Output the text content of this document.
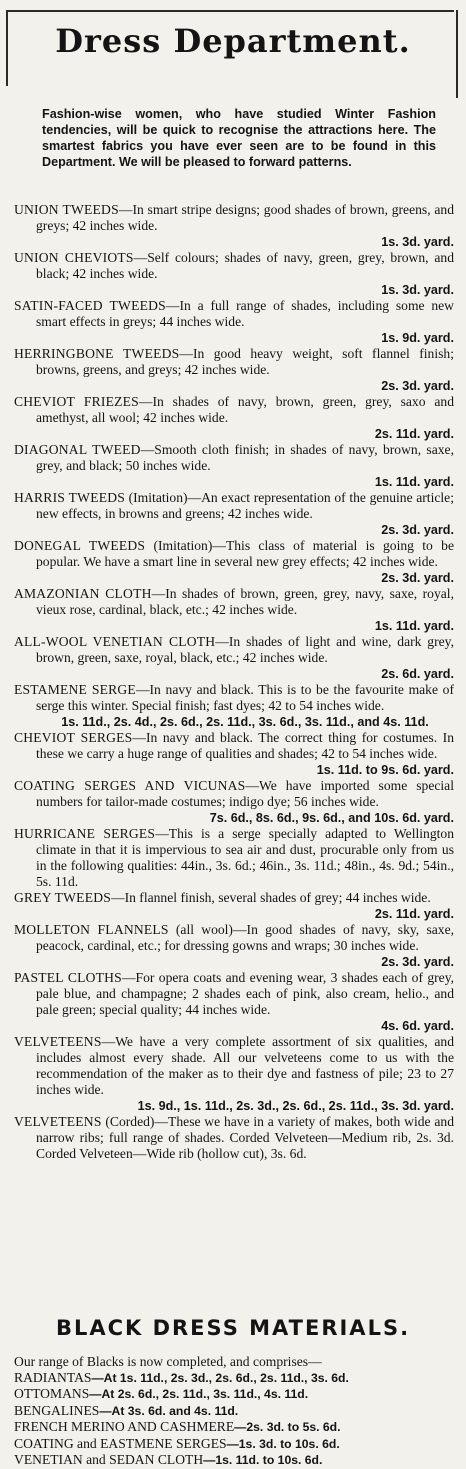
Dress Department.

Fashion-wise women, who have studied Winter Fashion tendencies, will be quick to recognise the attractions here. The smartest fabrics you have ever seen are to be found in this Department. We will be pleased to forward patterns.

UNION TWEEDS—In smart stripe designs; good shades of brown, greens, and greys; 42 inches wide.
1s. 3d. yard.

UNION CHEVIOTS—Self colours; shades of navy, green, grey, brown, and black; 42 inches wide.
1s. 3d. yard.

SATIN-FACED TWEEDS—In a full range of shades, including some new smart effects in greys; 44 inches wide.
1s. 9d. yard.

HERRINGBONE TWEEDS—In good heavy weight, soft flannel finish; browns, greens, and greys; 42 inches wide.
2s. 3d. yard.

CHEVIOT FRIEZES—In shades of navy, brown, green, grey, saxo and amethyst, all wool; 42 inches wide.
2s. 11d. yard.

DIAGONAL TWEED—Smooth cloth finish; in shades of navy, brown, saxe, grey, and black; 50 inches wide.
1s. 11d. yard.

HARRIS TWEEDS (Imitation)—An exact representation of the genuine article; new effects, in browns and greens; 42 inches wide.
2s. 3d. yard.

DONEGAL TWEEDS (Imitation)—This class of material is going to be popular. We have a smart line in several new grey effects; 42 inches wide.
2s. 3d. yard.

AMAZONIAN CLOTH—In shades of brown, green, grey, navy, saxe, royal, vieux rose, cardinal, black, etc.; 42 inches wide.
1s. 11d. yard.

ALL-WOOL VENETIAN CLOTH—In shades of light and wine, dark grey, brown, green, saxe, royal, black, etc.; 42 inches wide.
2s. 6d. yard.

ESTAMENE SERGE—In navy and black. This is to be the favourite make of serge this winter. Special finish; fast dyes; 42 to 54 inches wide.
1s. 11d., 2s. 4d., 2s. 6d., 2s. 11d., 3s. 6d., 3s. 11d., and 4s. 11d.

CHEVIOT SERGES—In navy and black. The correct thing for costumes. In these we carry a huge range of qualities and shades; 42 to 54 inches wide.
1s. 11d. to 9s. 6d. yard.

COATING SERGES AND VICUNAS—We have imported some special numbers for tailor-made costumes; indigo dye; 56 inches wide.
7s. 6d., 8s. 6d., 9s. 6d., and 10s. 6d. yard.

HURRICANE SERGES—This is a serge specially adapted to Wellington climate in that it is impervious to sea air and dust, procurable only from us in the following qualities: 44in., 3s. 6d.; 46in., 3s. 11d.; 48in., 4s. 9d.; 54in., 5s. 11d.

GREY TWEEDS—In flannel finish, several shades of grey; 44 inches wide.
2s. 11d. yard.

MOLLETON FLANNELS (all wool)—In good shades of navy, sky, saxe, peacock, cardinal, etc.; for dressing gowns and wraps; 30 inches wide.
2s. 3d. yard.

PASTEL CLOTHS—For opera coats and evening wear, 3 shades each of grey, pale blue, and champagne; 2 shades each of pink, also cream, helio., and pale green; special quality; 44 inches wide.
4s. 6d. yard.

VELVETEENS—We have a very complete assortment of six qualities, and includes almost every shade. All our velveteens come to us with the recommendation of the maker as to their dye and fastness of pile; 23 to 27 inches wide.
1s. 9d., 1s. 11d., 2s. 3d., 2s. 6d., 2s. 11d., 3s. 3d. yard.

VELVETEENS (Corded)—These we have in a variety of makes, both wide and narrow ribs; full range of shades. Corded Velveteen—Medium rib, 2s. 3d. Corded Velveteen—Wide rib (hollow cut), 3s. 6d.

BLACK DRESS MATERIALS.
Our range of Blacks is now completed, and comprises—
RADIANTAS—At 1s. 11d., 2s. 3d., 2s. 6d., 2s. 11d., 3s. 6d.
OTTOMANS—At 2s. 6d., 2s. 11d., 3s. 11d., 4s. 11d.
BENGALINES—At 3s. 6d. and 4s. 11d.
FRENCH MERINO AND CASHMERE—2s. 3d. to 5s. 6d.
COATING and EASTMENE SERGES—1s. 3d. to 10s. 6d.
VENETIAN and SEDAN CLOTH—1s. 11d. to 10s. 6d.
